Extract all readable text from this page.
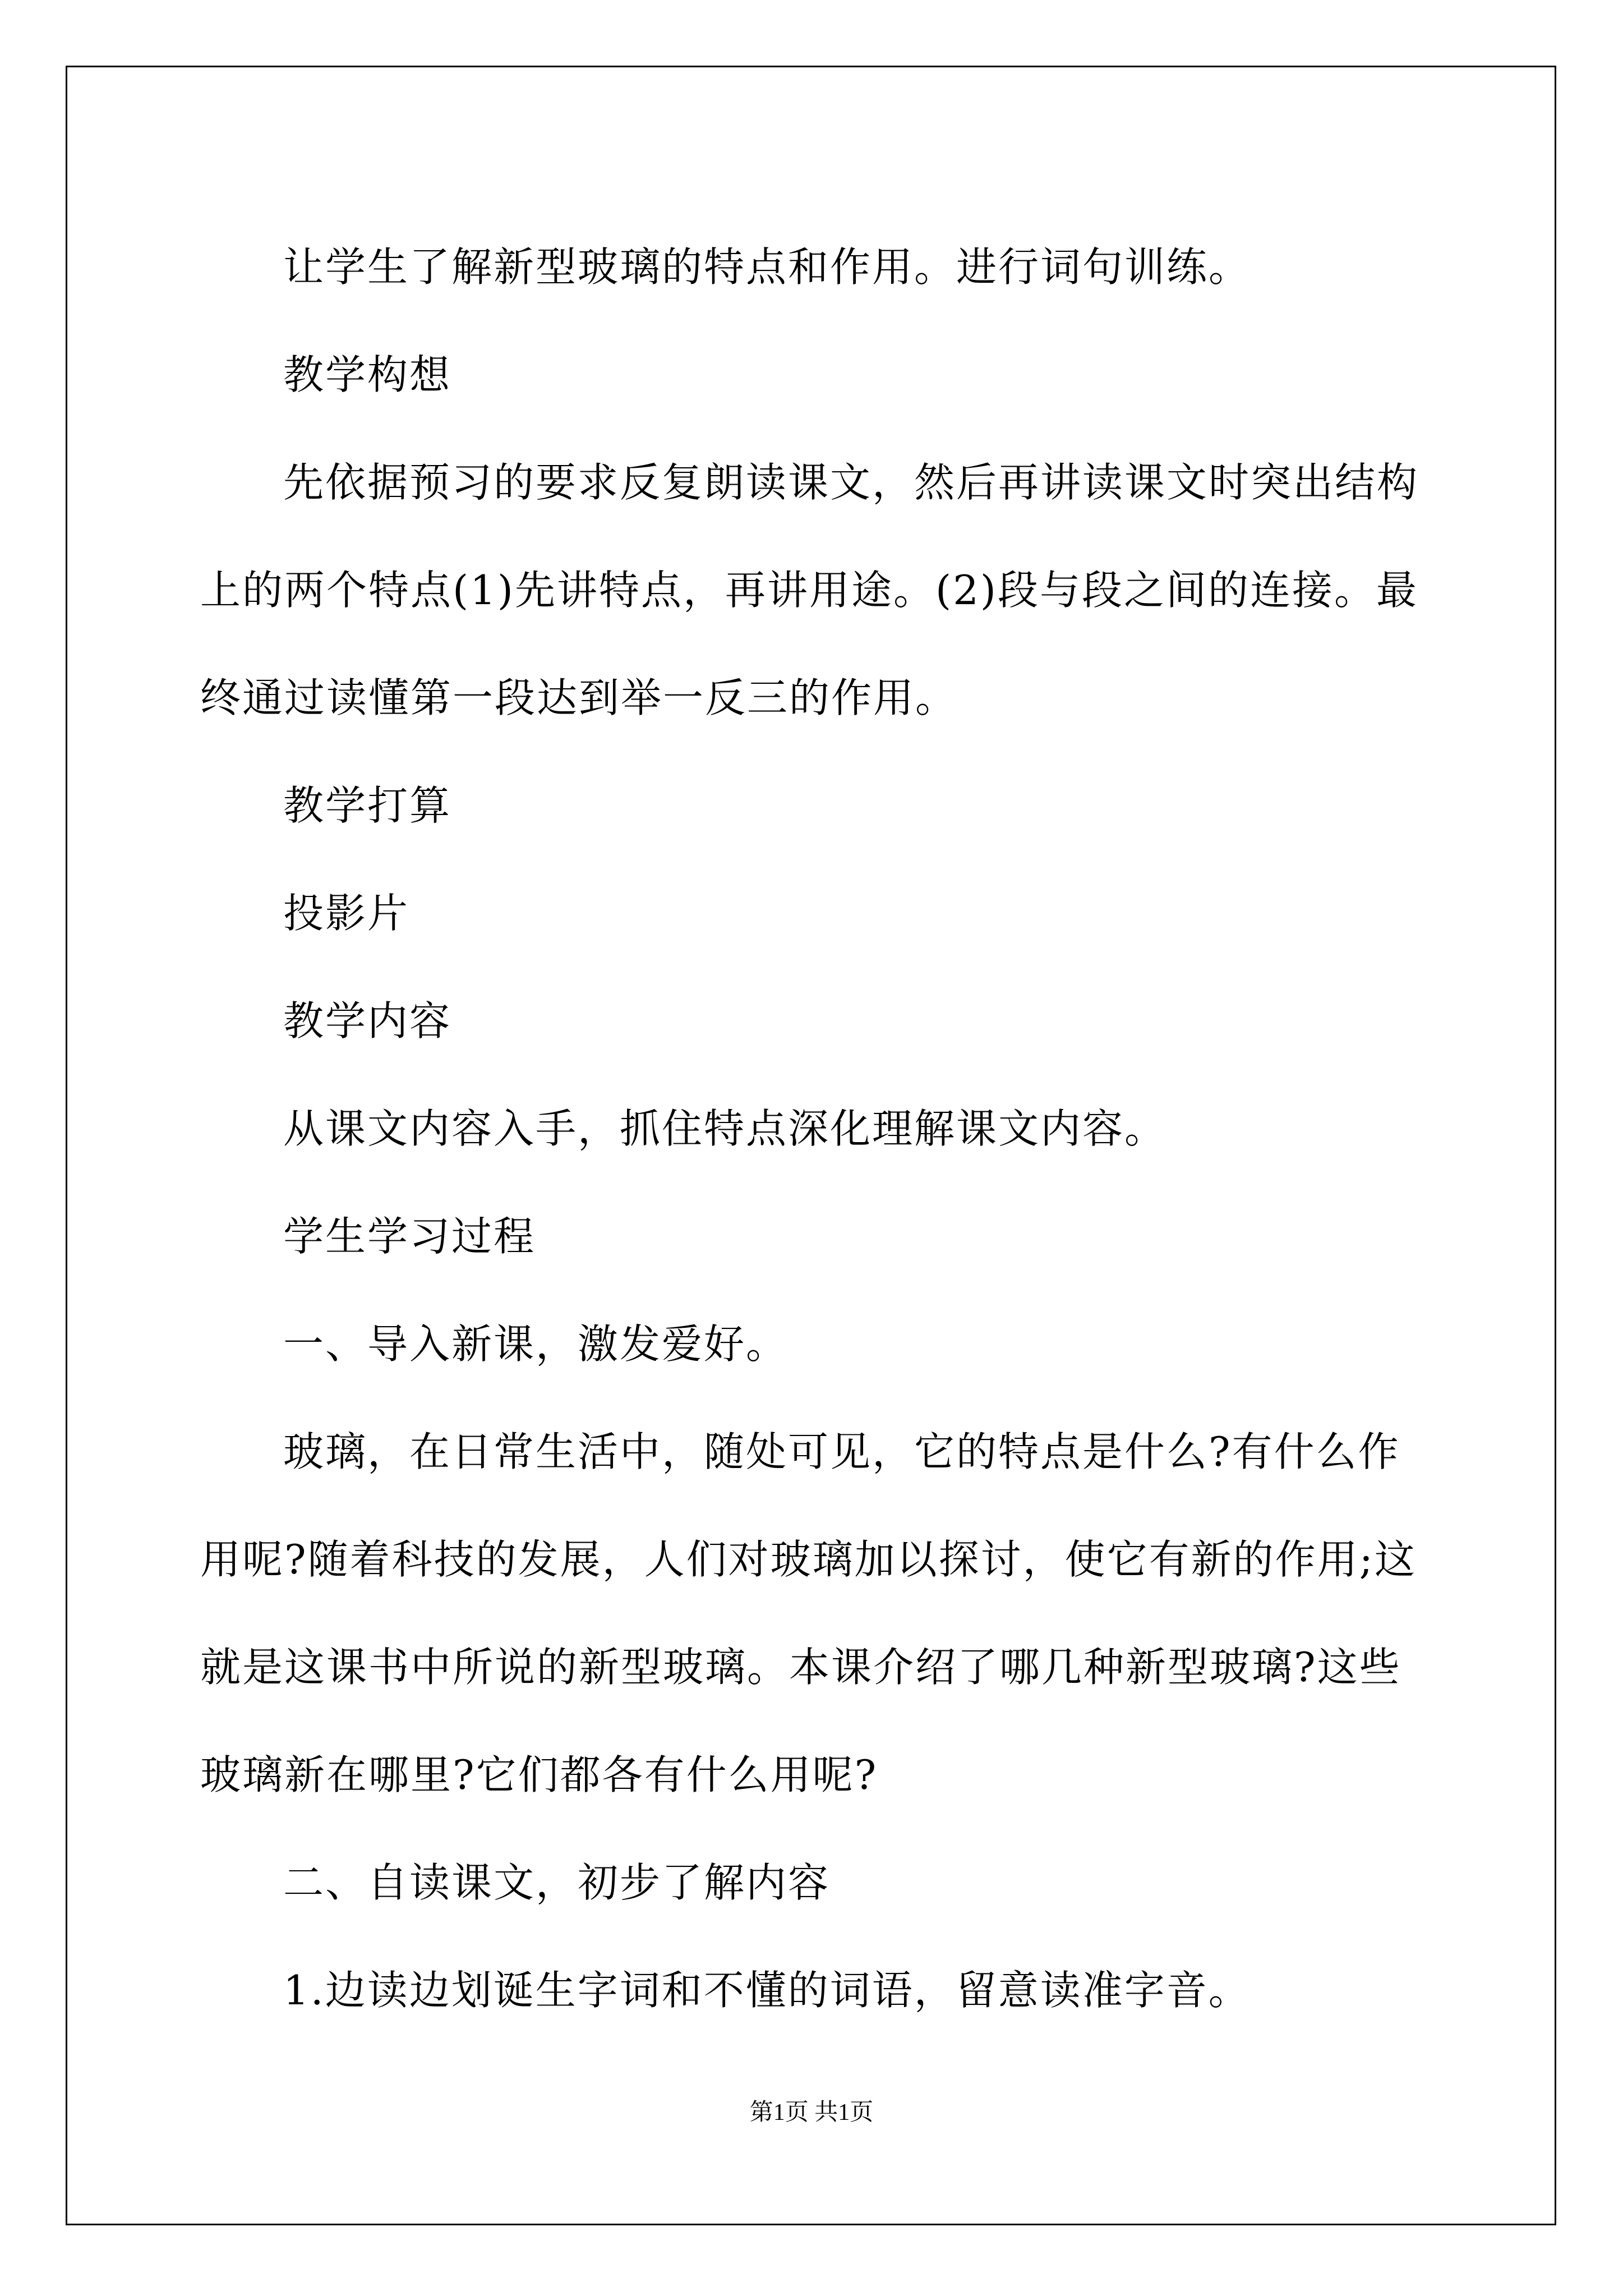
让学生了解新型玻璃的特点和作用。进行词句训练。

教学构想

先依据预习的要求反复朗读课文，然后再讲读课文时突出结构上的两个特点(1)先讲特点，再讲用途。(2)段与段之间的连接。最终通过读懂第一段达到举一反三的作用。

教学打算

投影片

教学内容

从课文内容入手，抓住特点深化理解课文内容。

学生学习过程

一、导入新课，激发爱好。

玻璃，在日常生活中，随处可见，它的特点是什么?有什么作用呢?随着科技的发展，人们对玻璃加以探讨，使它有新的作用;这就是这课书中所说的新型玻璃。本课介绍了哪几种新型玻璃?这些玻璃新在哪里?它们都各有什么用呢?

二、自读课文，初步了解内容

1.边读边划诞生字词和不懂的词语，留意读准字音。

第1页 共1页
